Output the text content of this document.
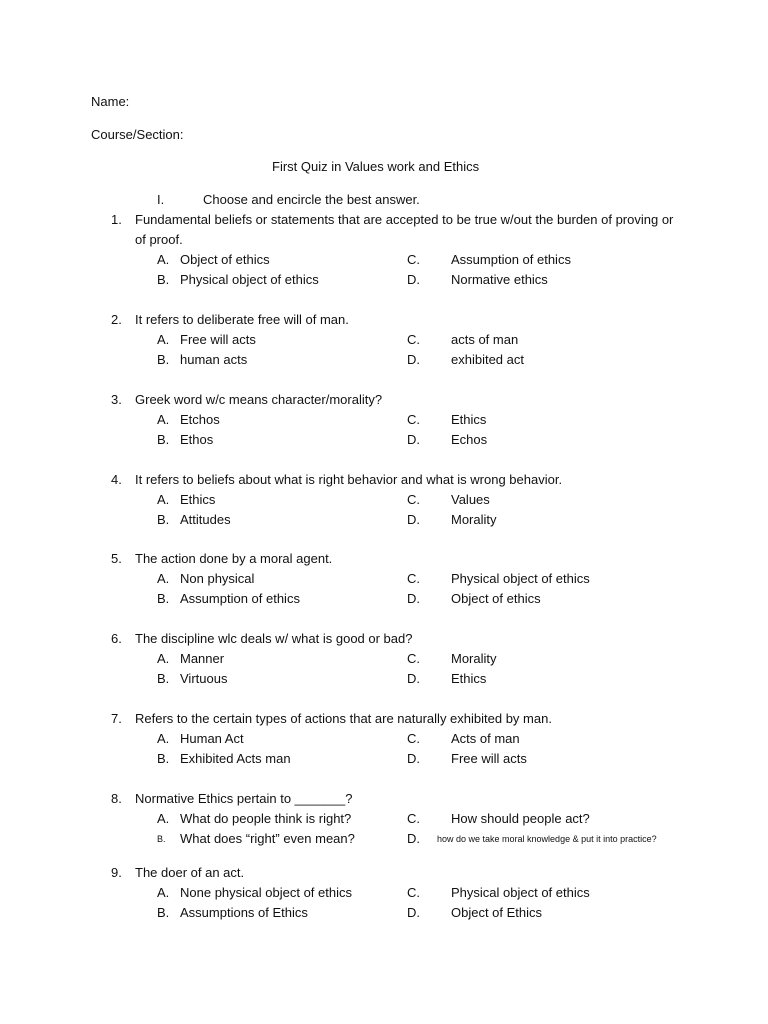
Name:
Course/Section:
First Quiz in Values work and Ethics
I.	Choose and encircle the best answer.
1. Fundamental beliefs or statements that are accepted to be true w/out the burden of proving or
of proof.
A. Object of ethics
B. Physical object of ethics
C. Assumption of ethics
D. Normative ethics
2. It refers to deliberate free will of man.
A. Free will acts
B. human acts
C. acts of man
D. exhibited act
3. Greek word w/c means character/morality?
A. Etchos
B. Ethos
C. Ethics
D. Echos
4. It refers to beliefs about what is right behavior and what is wrong behavior.
A. Ethics
B. Attitudes
C. Values
D. Morality
5. The action done by a moral agent.
A. Non physical
B. Assumption of ethics
C. Physical object of ethics
D. Object of ethics
6. The discipline wlc deals w/ what is good or bad?
A. Manner
B. Virtuous
C. Morality
D. Ethics
7. Refers to the certain types of actions that are naturally exhibited by man.
A. Human Act
B. Exhibited Acts man
C. Acts of man
D. Free will acts
8. Normative Ethics pertain to _______?
A. What do people think is right?
B. What does “right” even mean?
C. How should people act?
D. how do we take moral knowledge & put it into practice?
9. The doer of an act.
A. None physical object of ethics
B. Assumptions of Ethics
C. Physical object of ethics
D. Object of Ethics
